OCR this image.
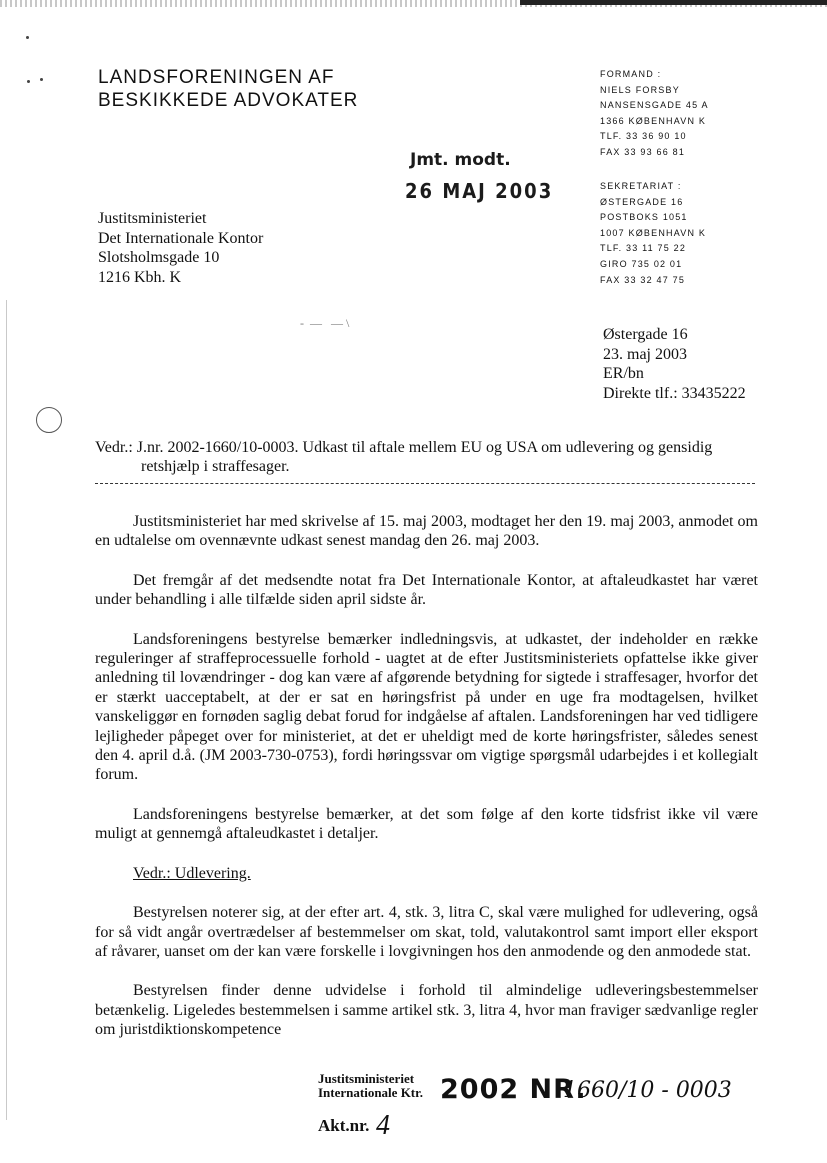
LANDSFORENINGEN AF
BESKIKKEDE ADVOKATER
FORMAND :
NIELS FORSBY
NANSENSGADE 45 A
1366 KØBENHAVN K
TLF. 33 36 90 10
FAX 33 93 66 81
SEKRETARIAT :
ØSTERGADE 16
POSTBOKS 1051
1007 KØBENHAVN K
TLF. 33 11 75 22
GIRO 735 02 01
FAX 33 32 47 75
Jmt. modt.
26 MAJ 2003
Justitsministeriet
Det Internationale Kontor
Slotsholmsgade 10
1216 Kbh. K
-  —   — \
Østergade 16
23. maj 2003
ER/bn
Direkte tlf.: 33435222
Vedr.: J.nr. 2002-1660/10-0003. Udkast til aftale mellem EU og USA om udlevering og gensidig
retshjælp i straffesager.

Justitsministeriet har med skrivelse af 15. maj 2003, modtaget her den 19. maj 2003, anmodet om en udtalelse om ovennævnte udkast senest mandag den 26. maj 2003.

Det fremgår af det medsendte notat fra Det Internationale Kontor, at aftaleudkastet har været under behandling i alle tilfælde siden april sidste år.

Landsforeningens bestyrelse bemærker indledningsvis, at udkastet, der indeholder en række reguleringer af straffeprocessuelle forhold - uagtet at de efter Justitsministeriets opfattelse ikke giver anledning til lovændringer - dog kan være af afgørende betydning for sigtede i straffesager, hvorfor det er stærkt uacceptabelt, at der er sat en høringsfrist på under en uge fra modtagelsen, hvilket vanskeliggør en fornøden saglig debat forud for indgåelse af aftalen. Landsforeningen har ved tidligere lejligheder påpeget over for ministeriet, at det er uheldigt med de korte høringsfrister, således senest den 4. april d.å. (JM 2003-730-0753), fordi høringssvar om vigtige spørgsmål udarbejdes i et kollegialt forum.

Landsforeningens bestyrelse bemærker, at det som følge af den korte tidsfrist ikke vil være muligt at gennemgå aftaleudkastet i detaljer.

Vedr.: Udlevering.

Bestyrelsen noterer sig, at der efter art. 4, stk. 3, litra C, skal være mulighed for udlevering, også for så vidt angår overtrædelser af bestemmelser om skat, told, valutakontrol samt import eller eksport af råvarer, uanset om der kan være forskelle i lovgivningen hos den anmodende og den anmodede stat.

Bestyrelsen finder denne udvidelse i forhold til almindelige udleveringsbestemmelser betænkelig. Ligeledes bestemmelsen i samme artikel stk. 3, litra 4, hvor man fraviger sædvanlige regler om juristdiktionskompetence

Justitsministeriet
Internationale Ktr. 2002 NR.
1660/10 - 0003
Akt.nr. 4
